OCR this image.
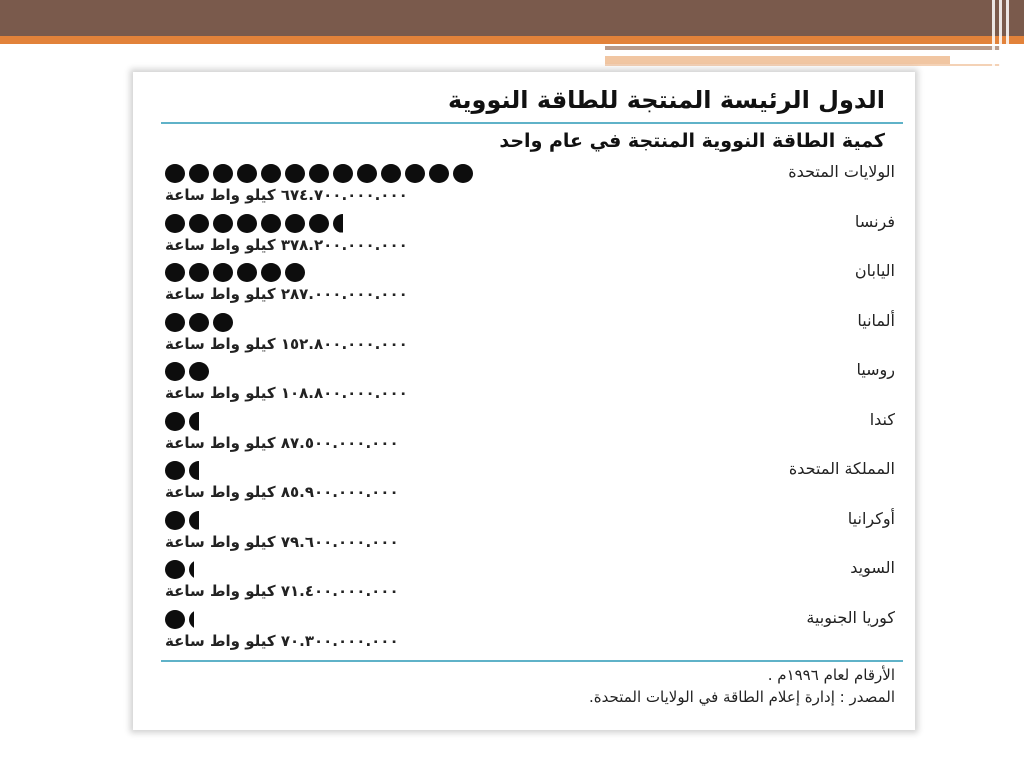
الدول الرئيسة المنتجة للطاقة النووية
كمية الطاقة النووية المنتجة في عام واحد
الولايات المتحدة
٦٧٤.٧٠٠.٠٠٠.٠٠٠ كيلو واط ساعة
فرنسا
٣٧٨.٢٠٠.٠٠٠.٠٠٠ كيلو واط ساعة
اليابان
٢٨٧.٠٠٠.٠٠٠.٠٠٠ كيلو واط ساعة
ألمانيا
١٥٢.٨٠٠.٠٠٠.٠٠٠ كيلو واط ساعة
روسيا
١٠٨.٨٠٠.٠٠٠.٠٠٠ كيلو واط ساعة
كندا
٨٧.٥٠٠.٠٠٠.٠٠٠ كيلو واط ساعة
المملكة المتحدة
٨٥.٩٠٠.٠٠٠.٠٠٠ كيلو واط ساعة
أوكرانيا
٧٩.٦٠٠.٠٠٠.٠٠٠ كيلو واط ساعة
السويد
٧١.٤٠٠.٠٠٠.٠٠٠ كيلو واط ساعة
كوريا الجنوبية
٧٠.٣٠٠.٠٠٠.٠٠٠ كيلو واط ساعة
الأرقام لعام ١٩٩٦م .
المصدر : إدارة إعلام الطاقة في الولايات المتحدة.
